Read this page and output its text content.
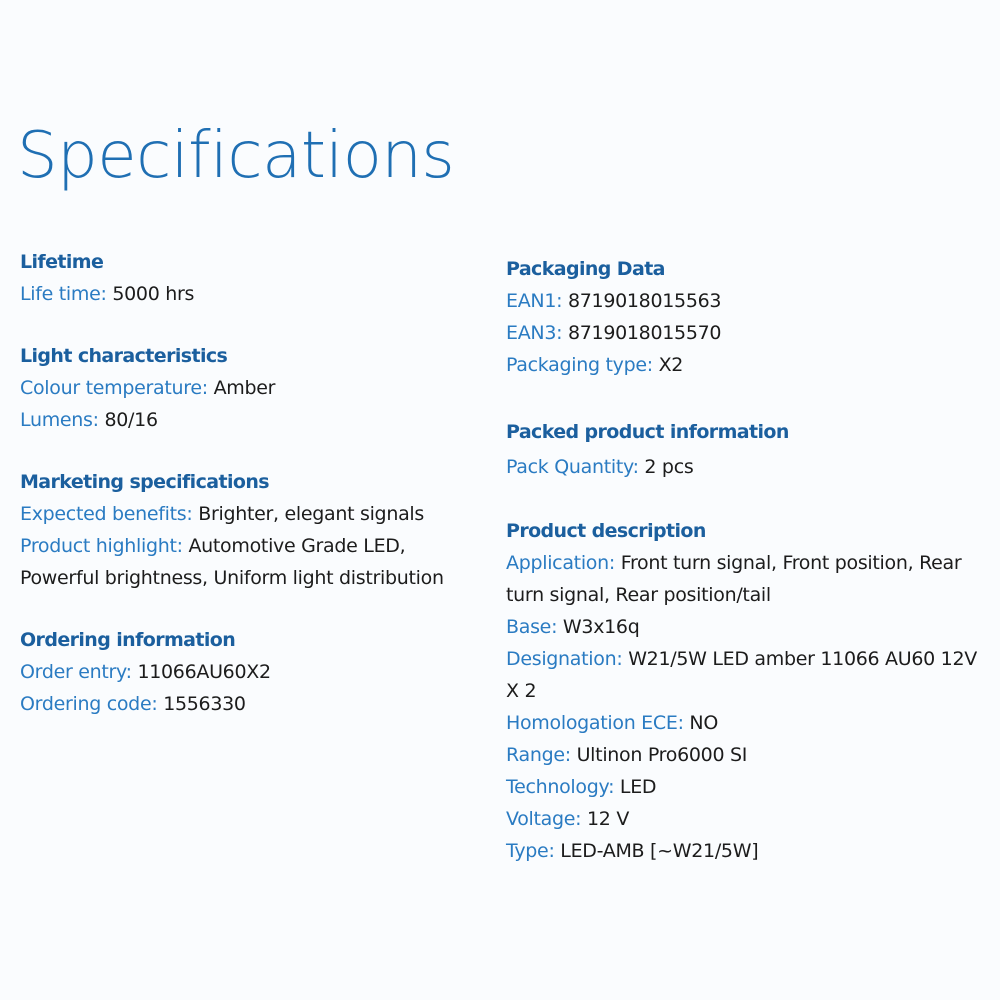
Specifications
Lifetime
Life time: 5000 hrs
Light characteristics
Colour temperature: Amber
Lumens: 80/16
Marketing specifications
Expected benefits: Brighter, elegant signals
Product highlight: Automotive Grade LED, Powerful brightness, Uniform light distribution
Ordering information
Order entry: 11066AU60X2
Ordering code: 1556330
Packaging Data
EAN1: 8719018015563
EAN3: 8719018015570
Packaging type: X2
Packed product information
Pack Quantity: 2 pcs
Product description
Application: Front turn signal, Front position, Rear turn signal, Rear position/tail
Base: W3x16q
Designation: W21/5W LED amber 11066 AU60 12V X 2
Homologation ECE: NO
Range: Ultinon Pro6000 SI
Technology: LED
Voltage: 12 V
Type: LED-AMB [~W21/5W]
